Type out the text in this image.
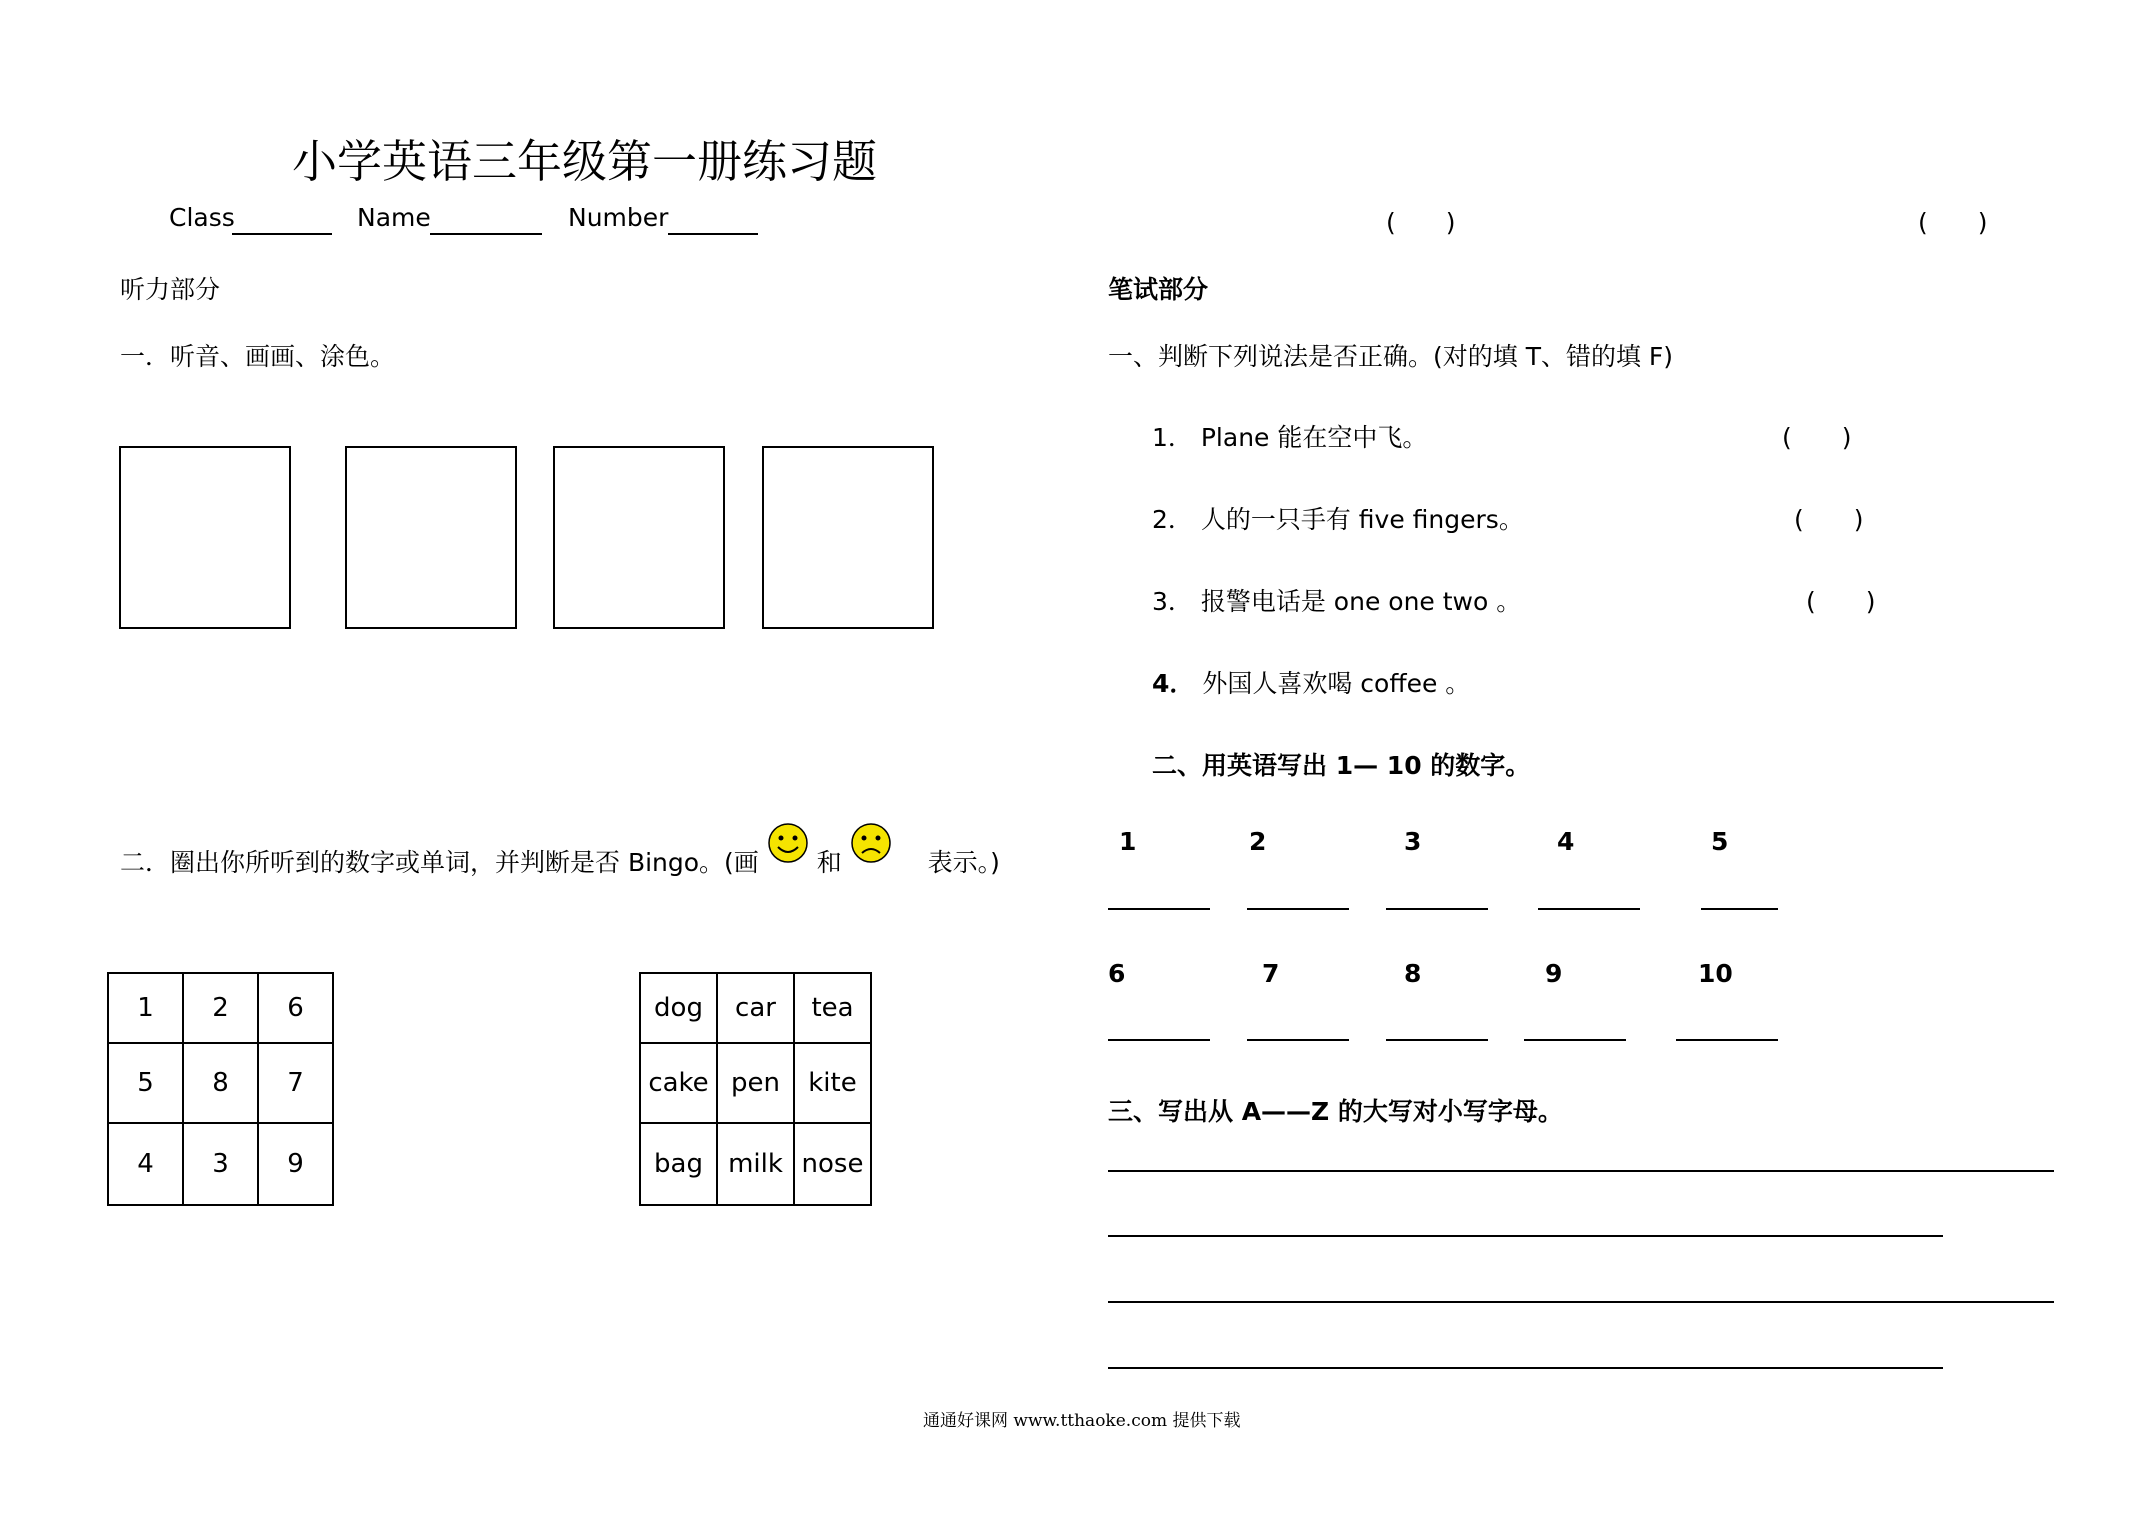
小学英语三年级第一册练习题
Class	Name	Number	(　　)	(　　)
听力部分
一．听音、画画、涂色。
二．圈出你所听到的数字或单词，并判断是否 Bingo。(画 和	表示。)
1	2	6
5	8	7
4	3	9
dog	car	tea
cake	pen	kite
bag	milk	nose
笔试部分
一、判断下列说法是否正确。(对的填 T、错的填 F)
1． Plane 能在空中飞。	(　　)
2． 人的一只手有 five fingers。	(　　)
3． 报警电话是 one one two 。	(　　)
4． 外国人喜欢喝 coffee 。
二、用英语写出 1— 10 的数字。
1	2	3	4	5
6	7	8	9	10
三、写出从 A——Z 的大写对小写字母。
通通好课网 www.tthaoke.com 提供下载
